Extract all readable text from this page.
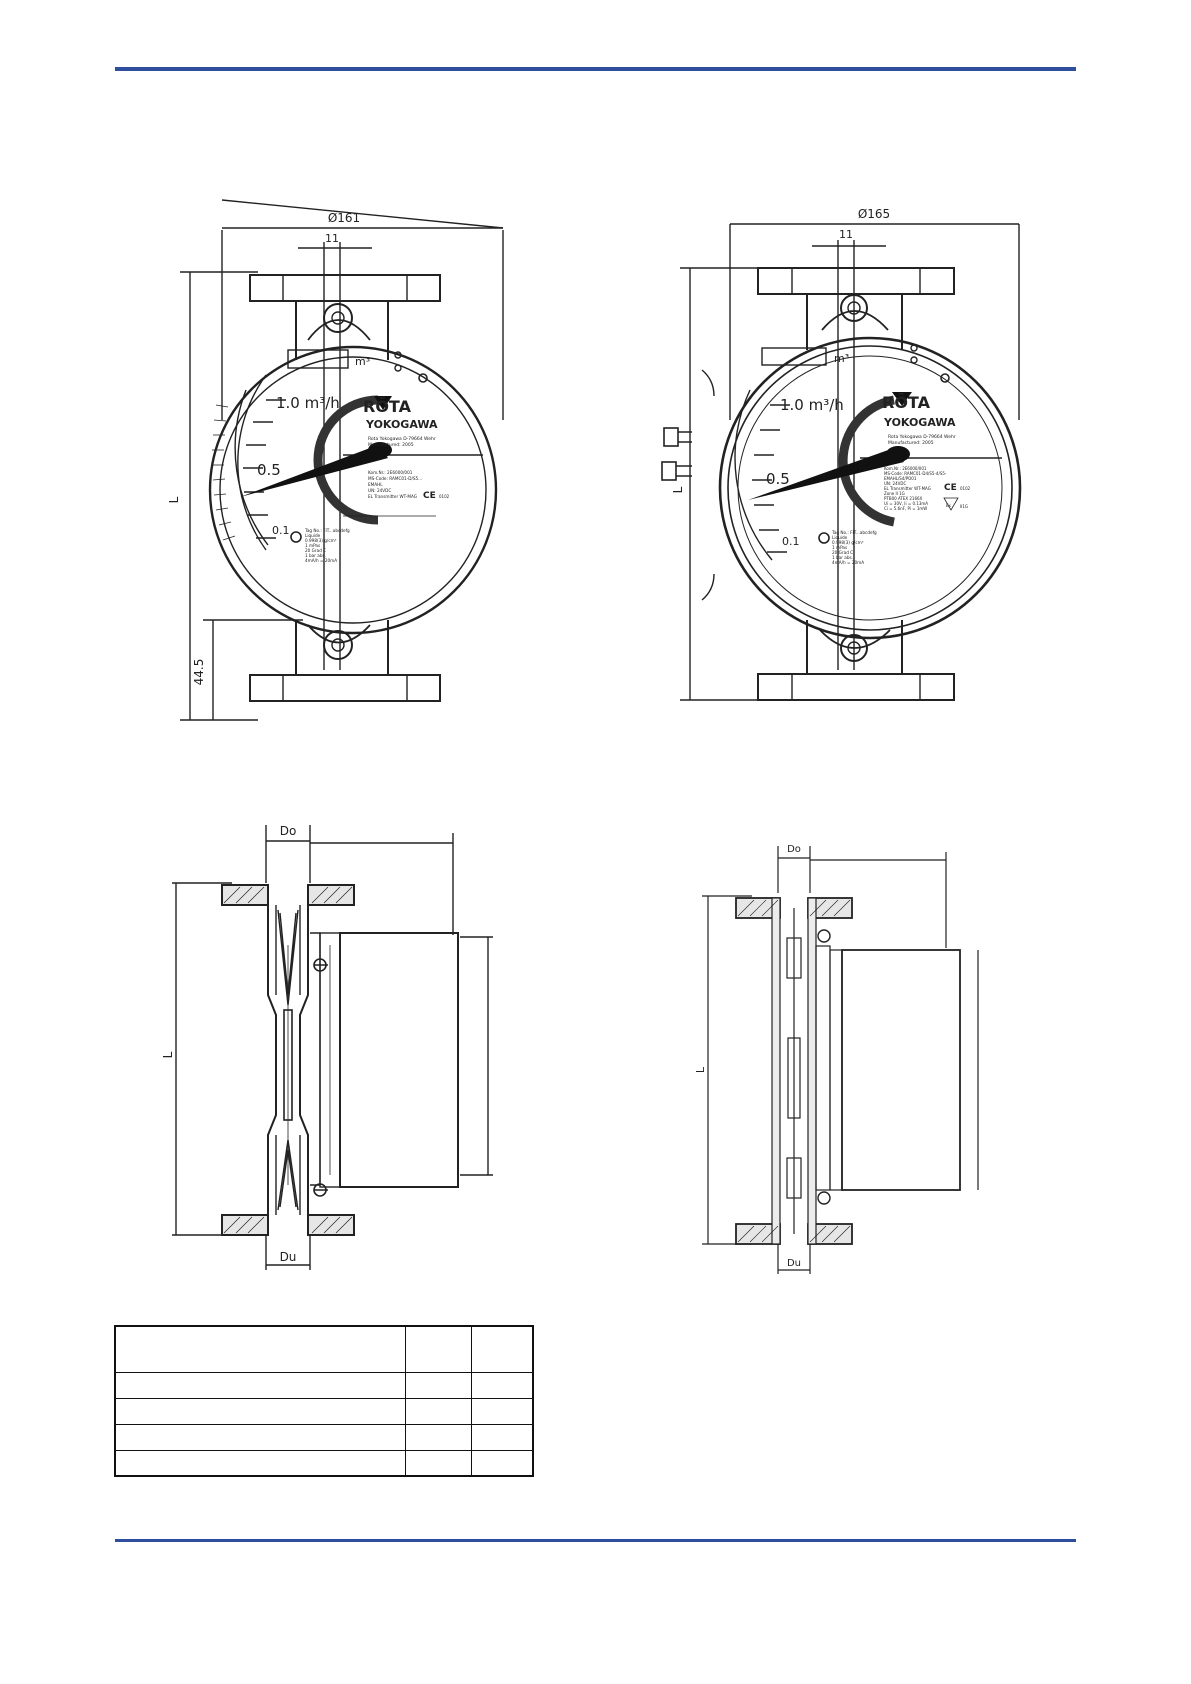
Ø161
11
L
44.5
m³
1.0 m³/h
0.5
0.1
RŌTA
YOKOGAWA
Rota Yokogawa D-79664 Wehr
Manufactured: 2005
Kom.Nr.: 2E6000/001
MS-Code: RAMC01-D/S5...
EMAHL
UN: 24VDC
EL Transmitter WT-MAG CE 0102
Tag No.: FIT...abcdefg
Liquide
0.998(3) g/cm³
1 mPas
20 Grad C
1 bar abs.
4mA/h = 20mA
Ø165
11
L
m³
1.0 m³/h
0.5
0.1
RŌTA
YOKOGAWA
Rota Yokogawa D-79664 Wehr
Manufactured: 2005
Kom.Nr.: 2E6000/001
MS-Code: RAMC01-D4/S5-4/S5-
EMAHL/S4/PO01
UN: 24VDC
EL Transmitter WT-MAG
Zone II 1G
PTB00 ATEX 2166X
Ui = 30V, Ii = 0.13mA
Ci = 5.6nF, Pi = 1mW
CE 0102
Ex II1G
Tag No.: FIT...abcdefg
Liquide
0.998(3) g/cm³
1 mPas
20 Grad C
1 bar abs.
4mA/h = 20mA
Do
Du
L
Do
Du
L
